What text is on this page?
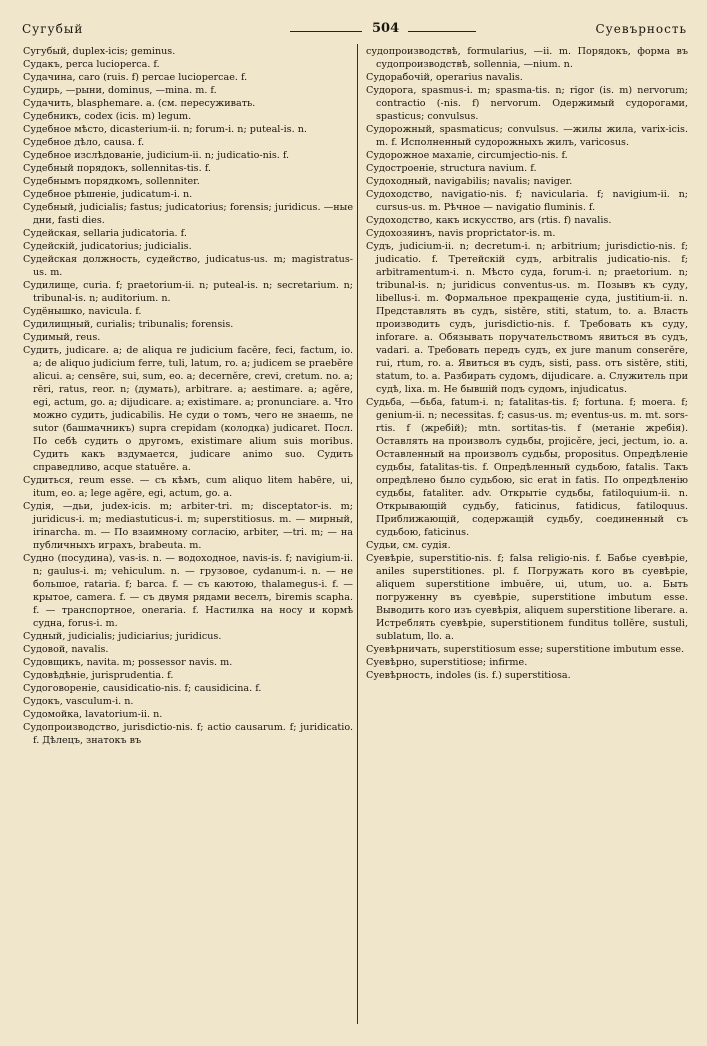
Сугубый	504	Суевърность

Сугубый, duplex-icis; geminus.

Судакъ, perca lucioperca. f.

Судачина, caro (ruis. f) percae luciopercae. f.

Судирь, —рыни, dominus, —mina. m. f.

Судачить, blasphemare. a. (см. пересуживать.

Судебникъ, codex (icis. m) legum.

Судебное мѣсто, dicasterium-ii. n; forum-i. n; puteal-is. n.

Судебное дѣло, causa. f.

Судебное изслѣдованіе, judicium-ii. n; judicatio-nis. f.

Судебный порядокъ, sollennitas-tis. f.

Судебнымъ порядкомъ, sollenniter.

Судебное рѣшеніе, judicatum-i. n.

Судебный, judicialis; fastus; judicatorius; forensis; juridicus. —ные дни, fasti dies.

Судейская, sellaria judicatoria. f.

Судейскій, judicatorius; judicialis.

Судейская должность, судейство, judicatus-us. m; magistratus-us. m.

Судилище, curia. f; praetorium-ii. n; puteal-is. n; secretarium. n; tribunal-is. n; auditorium. n.

Судёнышко, navicula. f.

Судилищный, curialis; tribunalis; forensis.

Судимый, reus.

Судить, judicare. a; de aliqua re judicium facĕre, feci, factum, io. a; de aliquo judicium ferre, tuli, latum, ro. a; judicem se praebĕre alicui. a; censēre, sui, sum, eo. a; decernĕre, crevi, cretum. no. a; rēri, ratus, reor. n; (думать), arbitrare. a; aestimare. a; agĕre, egi, actum, go. a; dijudicare. a; existimare. a; pronunciare. a. Что можно судить, judicabilis. Не суди о томъ, чего не знаешь, ne sutor (башмачникъ) supra crepidam (колодка) judicaret. Посл. По себѣ судить о другомъ, existimare alium suis moribus. Судить какъ вздумается, judicare animo suo. Судить справедливо, acque statuĕre. a.

Судиться, reum esse. — съ кѣмъ, cum aliquo litem habēre, ui, itum, eo. a; lege agĕre, egi, actum, go. a.

Судія, —дьи, judex-icis. m; arbiter-tri. m; disceptator-is. m; juridicus-i. m; mediastuticus-i. m; superstitiosus. m. — мирный, irinarcha. m. — По взаимному согласію, arbiter, —tri. m; — на публичныхъ играхъ, brabeuta. m.

Судно (посудина), vas-is. n. — водоходное, navis-is. f; navigium-ii. n; gaulus-i. m; vehiculum. n. — грузовое, cydanum-i. n. — не большое, rataria. f; barca. f. — съ каютою, thalamegus-i. f. — крытое, camera. f. — съ двумя рядами веселъ, biremis scapha. f. — транспортное, oneraria. f. Настилка на носу и кормѣ судна, forus-i. m.

Судный, judicialis; judiciarius; juridicus.

Судовой, navalis.

Судовщикъ, navita. m; possessor navis. m.

Судовѣдѣніе, jurisprudentia. f.

Судоговореніе, causidicatio-nis. f; causidicina. f.

Судокъ, vasculum-i. n.

Судомойка, lavatorium-ii. n.

Судопроизводство, jurisdictio-nis. f; actio causarum. f; juridicatio. f. Дѣлецъ, знатокъ въ

судопроизводствѣ, formularius, —ii. m. Порядокъ, форма въ судопроизводствѣ, sollennia, —nium. n.

Судорабочій, operarius navalis.

Судорога, spasmus-i. m; spasma-tis. n; rigor (is. m) nervorum; contractio (-nis. f) nervorum. Одержимый судорогами, spasticus; convulsus.

Судорожный, spasmaticus; convulsus. —жилы жила, varix-icis. m. f. Исполненный судорожныхъ жилъ, varicosus.

Судорожное махаліе, circumjectio-nis. f.

Судостроеніе, structura navium. f.

Судоходный, navigabilis; navalis; naviger.

Судоходство, navigatio-nis. f; navicularia. f; navigium-ii. n; cursus-us. m. Рѣчное — navigatio fluminis. f.

Судоходство, какъ искусство, ars (rtis. f) navalis.

Судохозяинъ, navis proprictator-is. m.

Судъ, judicium-ii. n; decretum-i. n; arbitrium; jurisdictio-nis. f; judicatio. f. Третейскій судъ, arbitralis judicatio-nis. f; arbitramentum-i. n. Мѣсто суда, forum-i. n; praetorium. n; tribunal-is. n; juridicus conventus-us. m. Позывъ къ суду, libellus-i. m. Формальное прекращеніе суда, justitium-ii. n. Представлять въ судъ, sistĕre, stiti, statum, to. a. Власть производить судъ, jurisdictio-nis. f. Требовать къ суду, inforare. a. Обязывать поручательствомъ явиться въ судъ, vadari. a. Требовать передъ судъ, ex jure manum conserĕre, rui, rtum, ro. a. Явиться въ судъ, sisti, pass. отъ sistĕre, stiti, statum, to. a. Разбирать судомъ, dijudicare. a. Служитель при судѣ, lixa. m. Не бывшій подъ судомъ, injudicatus.

Судьба, —бьба, fatum-i. n; fatalitas-tis. f; fortuna. f; moera. f; genium-ii. n; necessitas. f; casus-us. m; eventus-us. m. mt. sors-rtis. f (жребій); mtn. sortitas-tis. f (метаніе жребія). Оставлять на произволъ судьбы, projicĕre, jeci, jectum, io. a. Оставленный на произволъ судьбы, propositus. Опредѣленіе судьбы, fatalitas-tis. f. Опредѣленный судьбою, fatalis. Такъ опредѣлено было судьбою, sic erat in fatis. По опредѣленію судьбы, fataliter. adv. Открытіе судьбы, fatiloquium-ii. n. Открывающій судьбу, faticinus, fatidicus, fatiloquus. Приближающій, содержащій судьбу, соединенный съ судьбою, faticinus.

Судьи, см. судія.

Суевѣріе, superstitio-nis. f; falsa religio-nis. f. Бабье суевѣріе, aniles superstitiones. pl. f. Погружать кого въ суевѣріе, aliquem superstitione imbuĕre, ui, utum, uo. a. Быть погруженну въ суевѣріе, superstitione imbutum esse. Выводить кого изъ суевѣрія, aliquem superstitione liberare. a. Истреблять суевѣріе, superstitionem funditus tollĕre, sustuli, sublatum, llo. a.

Суевѣрничать, superstitiosum esse; superstitione imbutum esse.

Суевѣрно, superstitiose; infirme.

Суевѣрность, indoles (is. f.) superstitiosa.
